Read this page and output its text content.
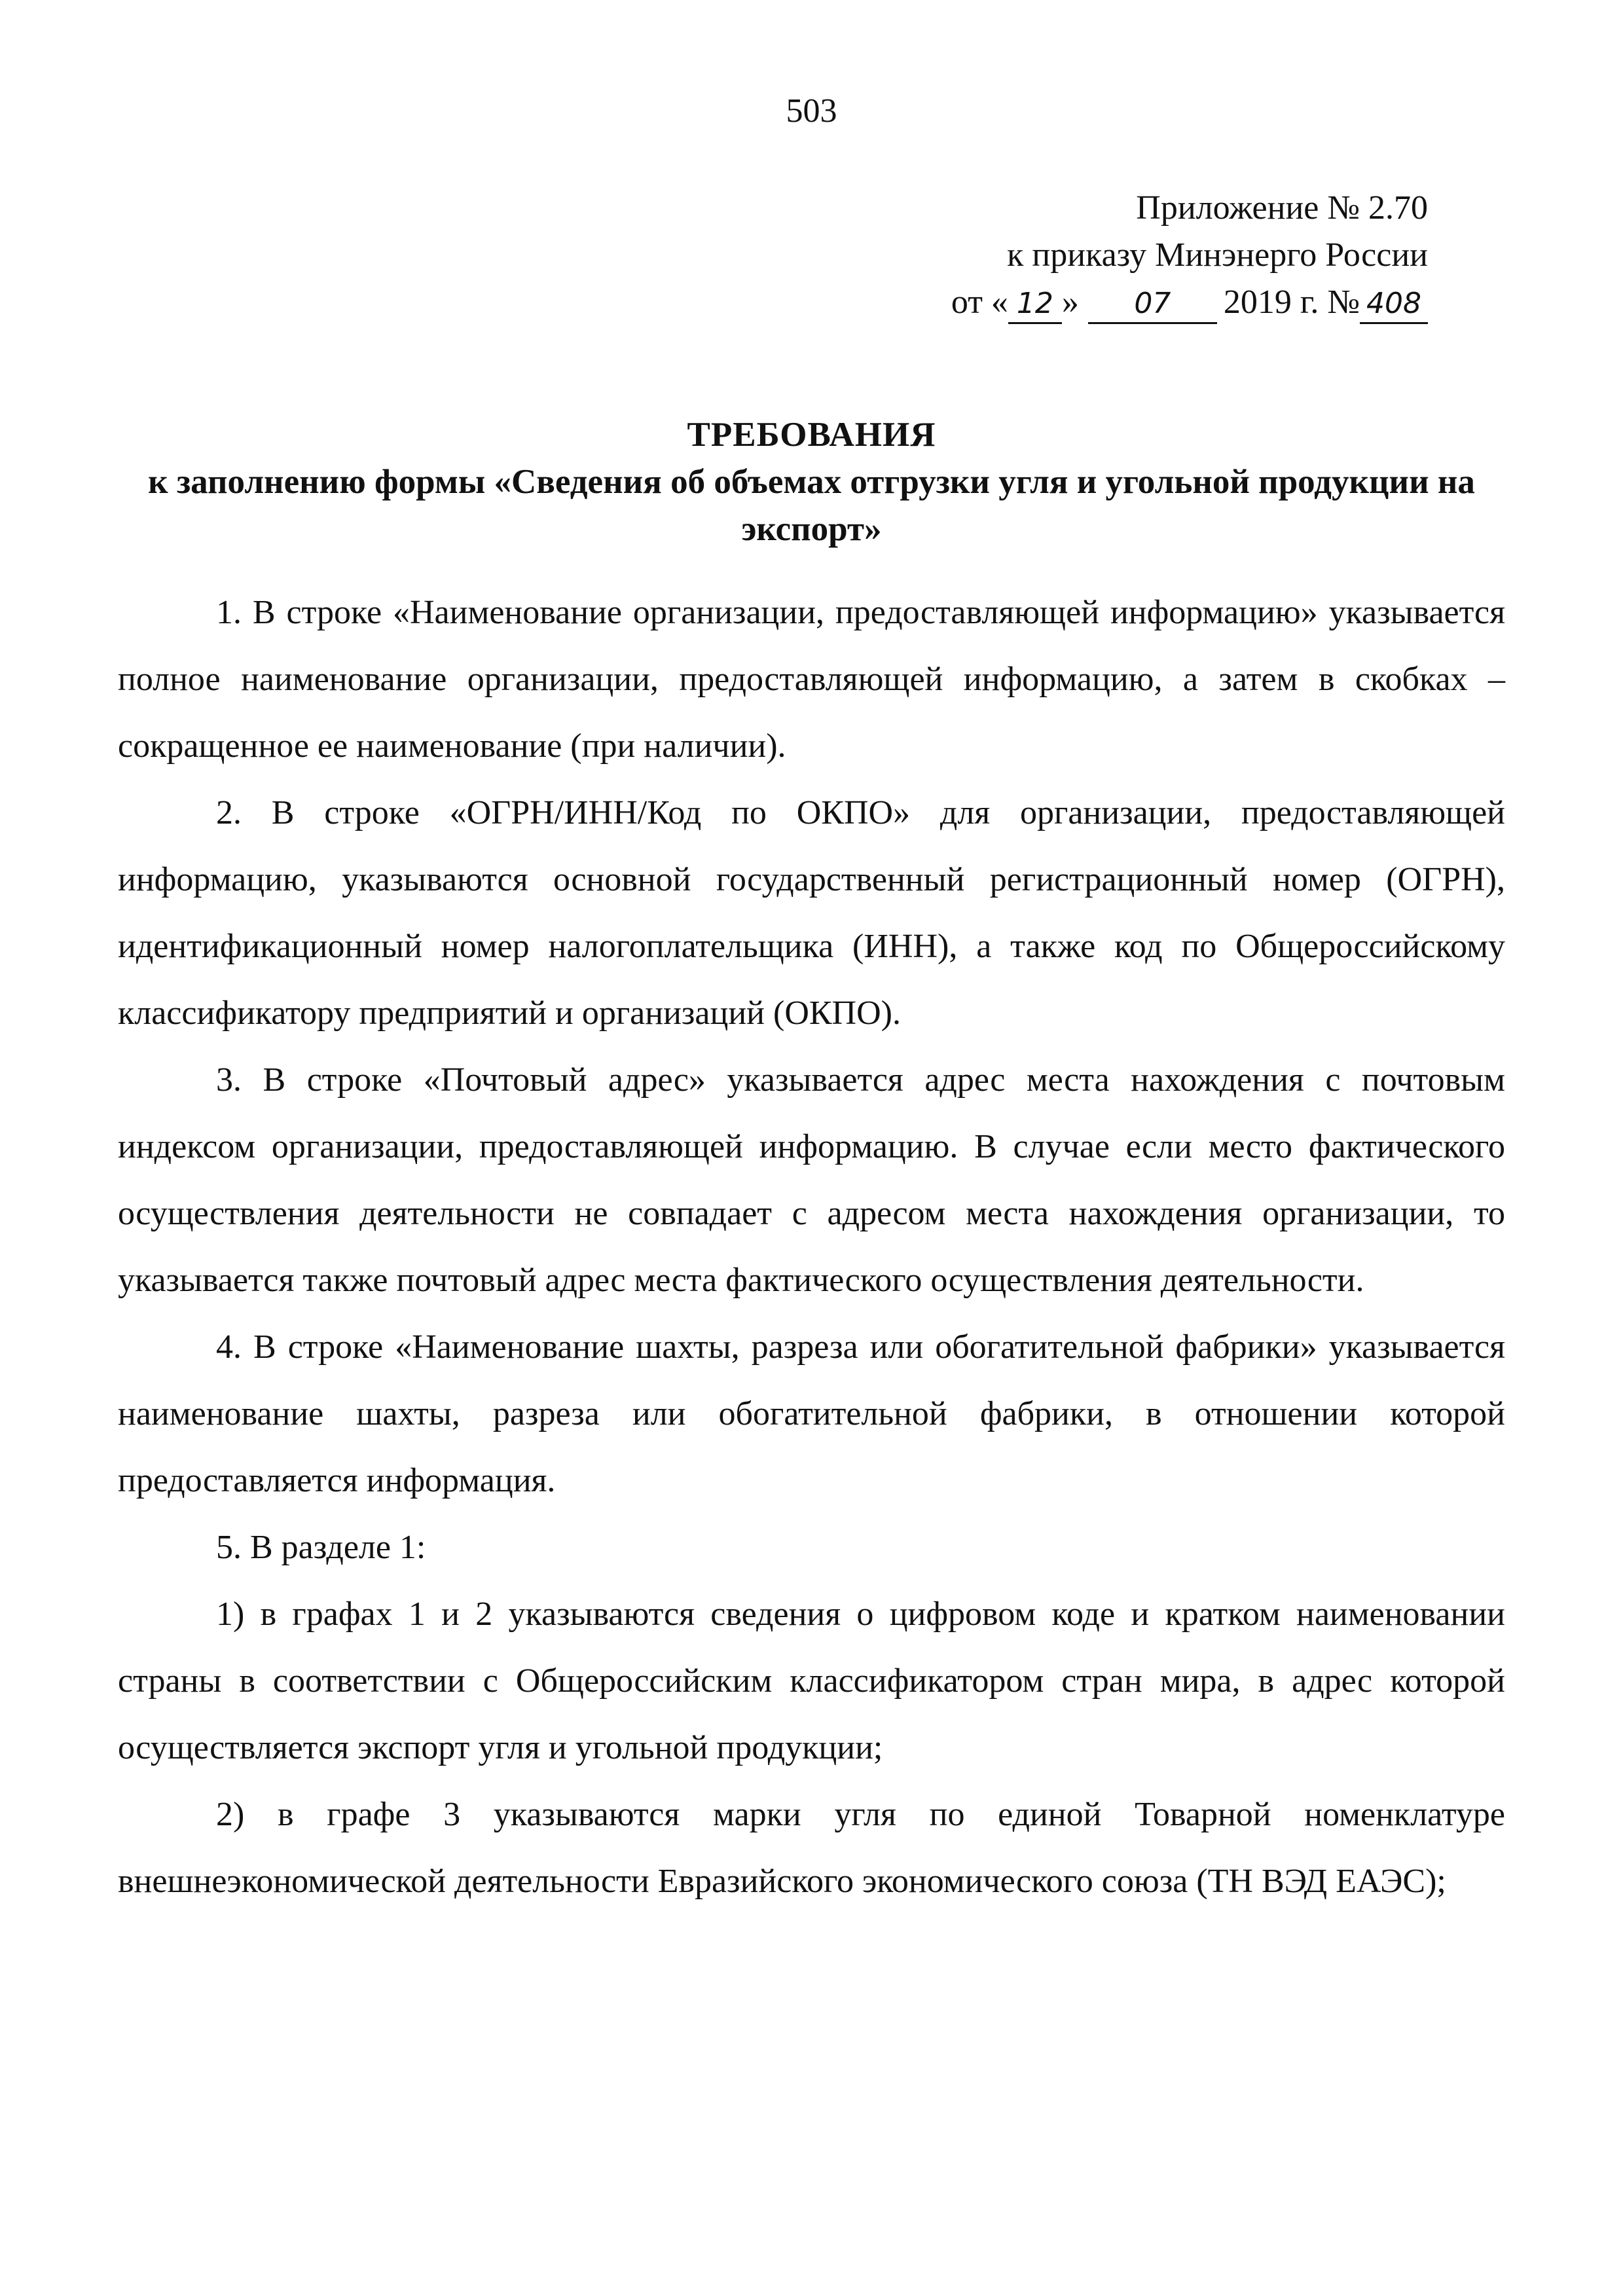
503
Приложение № 2.70
к приказу Минэнерго России
от « 12 » 07 2019 г. № 408
ТРЕБОВАНИЯ
к заполнению формы «Сведения об объемах отгрузки угля и угольной продукции на экспорт»

1. В строке «Наименование организации, предоставляющей информацию» указывается полное наименование организации, предоставляющей информацию, а затем в скобках – сокращенное ее наименование (при наличии).

2. В строке «ОГРН/ИНН/Код по ОКПО» для организации, предоставляющей информацию, указываются основной государственный регистрационный номер (ОГРН), идентификационный номер налогоплательщика (ИНН), а также код по Общероссийскому классификатору предприятий и организаций (ОКПО).

3. В строке «Почтовый адрес» указывается адрес места нахождения с почтовым индексом организации, предоставляющей информацию. В случае если место фактического осуществления деятельности не совпадает с адресом места нахождения организации, то указывается также почтовый адрес места фактического осуществления деятельности.

4. В строке «Наименование шахты, разреза или обогатительной фабрики» указывается наименование шахты, разреза или обогатительной фабрики, в отношении которой предоставляется информация.

5. В разделе 1:

1) в графах 1 и 2 указываются сведения о цифровом коде и кратком наименовании страны в соответствии с Общероссийским классификатором стран мира, в адрес которой осуществляется экспорт угля и угольной продукции;

2) в графе 3 указываются марки угля по единой Товарной номенклатуре внешнеэкономической деятельности Евразийского экономического союза (ТН ВЭД ЕАЭС);
